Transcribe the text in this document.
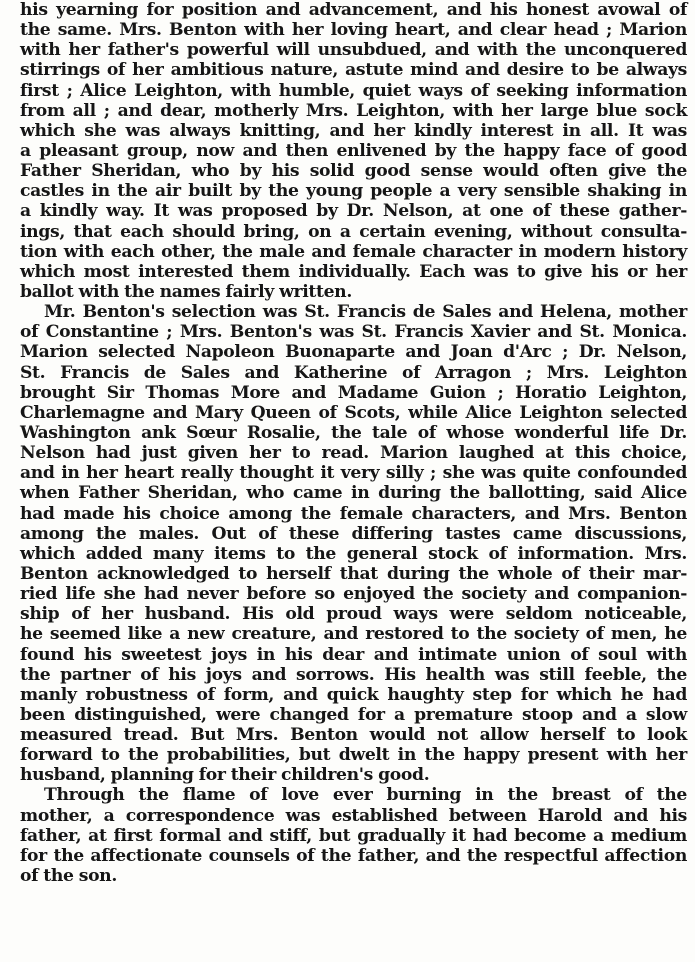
his yearning for position and advancement, and his honest avowal of
the same. Mrs. Benton with her loving heart, and clear head ; Marion
with her father's powerful will unsubdued, and with the unconquered
stirrings of her ambitious nature, astute mind and desire to be always
first ; Alice Leighton, with humble, quiet ways of seeking information
from all ; and dear, motherly Mrs. Leighton, with her large blue sock
which she was always knitting, and her kindly interest in all. It was
a pleasant group, now and then enlivened by the happy face of good
Father Sheridan, who by his solid good sense would often give the
castles in the air built by the young people a very sensible shaking in
a kindly way. It was proposed by Dr. Nelson, at one of these gather-
ings, that each should bring, on a certain evening, without consulta-
tion with each other, the male and female character in modern history
which most interested them individually. Each was to give his or her
ballot with the names fairly written.
Mr. Benton's selection was St. Francis de Sales and Helena, mother
of Constantine ; Mrs. Benton's was St. Francis Xavier and St. Monica.
Marion selected Napoleon Buonaparte and Joan d'Arc ; Dr. Nelson,
St. Francis de Sales and Katherine of Arragon ; Mrs. Leighton
brought Sir Thomas More and Madame Guion ; Horatio Leighton,
Charlemagne and Mary Queen of Scots, while Alice Leighton selected
Washington ank Sœur Rosalie, the tale of whose wonderful life Dr.
Nelson had just given her to read. Marion laughed at this choice,
and in her heart really thought it very silly ; she was quite confounded
when Father Sheridan, who came in during the ballotting, said Alice
had made his choice among the female characters, and Mrs. Benton
among the males. Out of these differing tastes came discussions,
which added many items to the general stock of information. Mrs.
Benton acknowledged to herself that during the whole of their mar-
ried life she had never before so enjoyed the society and companion-
ship of her husband. His old proud ways were seldom noticeable,
he seemed like a new creature, and restored to the society of men, he
found his sweetest joys in his dear and intimate union of soul with
the partner of his joys and sorrows. His health was still feeble, the
manly robustness of form, and quick haughty step for which he had
been distinguished, were changed for a premature stoop and a slow
measured tread. But Mrs. Benton would not allow herself to look
forward to the probabilities, but dwelt in the happy present with her
husband, planning for their children's good.
Through the flame of love ever burning in the breast of the
mother, a correspondence was established between Harold and his
father, at first formal and stiff, but gradually it had become a medium
for the affectionate counsels of the father, and the respectful affection
of the son.
